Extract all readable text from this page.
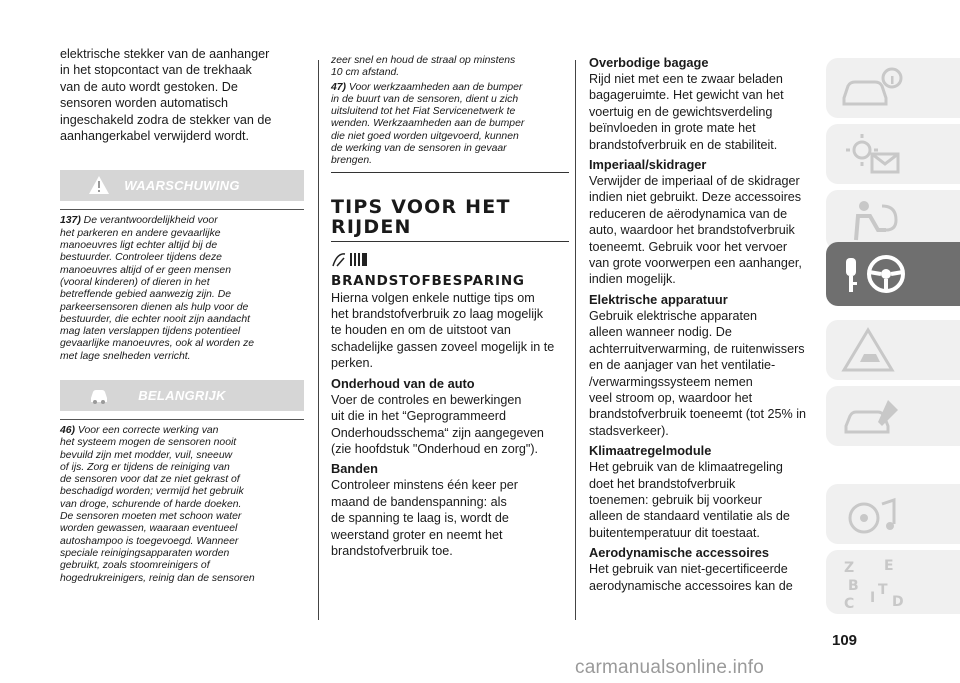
elektrische stekker van de aanhanger
in het stopcontact van de trekhaak
van de auto wordt gestoken. De
sensoren worden automatisch
ingeschakeld zodra de stekker van de
aanhangerkabel verwijderd wordt.

WAARSCHUWING

137) De verantwoordelijkheid voor
het parkeren en andere gevaarlijke
manoeuvres ligt echter altijd bij de
bestuurder. Controleer tijdens deze
manoeuvres altijd of er geen mensen
(vooral kinderen) of dieren in het
betreffende gebied aanwezig zijn. De
parkeersensoren dienen als hulp voor de
bestuurder, die echter nooit zijn aandacht
mag laten verslappen tijdens potentieel
gevaarlijke manoeuvres, ook al worden ze
met lage snelheden verricht.

BELANGRIJK

46) Voor een correcte werking van
het systeem mogen de sensoren nooit
bevuild zijn met modder, vuil, sneeuw
of ijs. Zorg er tijdens de reiniging van
de sensoren voor dat ze niet gekrast of
beschadigd worden; vermijd het gebruik
van droge, schurende of harde doeken.
De sensoren moeten met schoon water
worden gewassen, waaraan eventueel
autoshampoo is toegevoegd. Wanneer
speciale reinigingsapparaten worden
gebruikt, zoals stoomreinigers of
hogedrukreinigers, reinig dan de sensoren

zeer snel en houd de straal op minstens
10 cm afstand.

47) Voor werkzaamheden aan de bumper
in de buurt van de sensoren, dient u zich
uitsluitend tot het Fiat Servicenetwerk te
wenden. Werkzaamheden aan de bumper
die niet goed worden uitgevoerd, kunnen
de werking van de sensoren in gevaar
brengen.

TIPS VOOR HET
RIJDEN
BRANDSTOFBESPARING

Hierna volgen enkele nuttige tips om
het brandstofverbruik zo laag mogelijk
te houden en om de uitstoot van
schadelijke gassen zoveel mogelijk in te
perken.

Onderhoud van de auto

Voer de controles en bewerkingen
uit die in het “Geprogrammeerd
Onderhoudsschema“ zijn aangegeven
(zie hoofdstuk "Onderhoud en zorg").

Banden

Controleer minstens één keer per
maand de bandenspanning: als
de spanning te laag is, wordt de
weerstand groter en neemt het
brandstofverbruik toe.

Overbodige bagage

Rijd niet met een te zwaar beladen
bagageruimte. Het gewicht van het
voertuig en de gewichtsverdeling
beïnvloeden in grote mate het
brandstofverbruik en de stabiliteit.

Imperiaal/skidrager

Verwijder de imperiaal of de skidrager
indien niet gebruikt. Deze accessoires
reduceren de aërodynamica van de
auto, waardoor het brandstofverbruik
toeneemt. Gebruik voor het vervoer
van grote voorwerpen een aanhanger,
indien mogelijk.

Elektrische apparatuur

Gebruik elektrische apparaten
alleen wanneer nodig. De
achterruitverwarming, de ruitenwissers
en de aanjager van het ventilatie-
/verwarmingssysteem nemen
veel stroom op, waardoor het
brandstofverbruik toeneemt (tot 25% in
stadsverkeer).

Klimaatregelmodule

Het gebruik van de klimaatregeling
doet het brandstofverbruik
toenemen: gebruik bij voorkeur
alleen de standaard ventilatie als de
buitentemperatuur dit toestaat.

Aerodynamische accessoires

Het gebruik van niet-gecertificeerde
aerodynamische accessoires kan de

Z E
B
I
C
T
D
109
carmanualsonline.info
